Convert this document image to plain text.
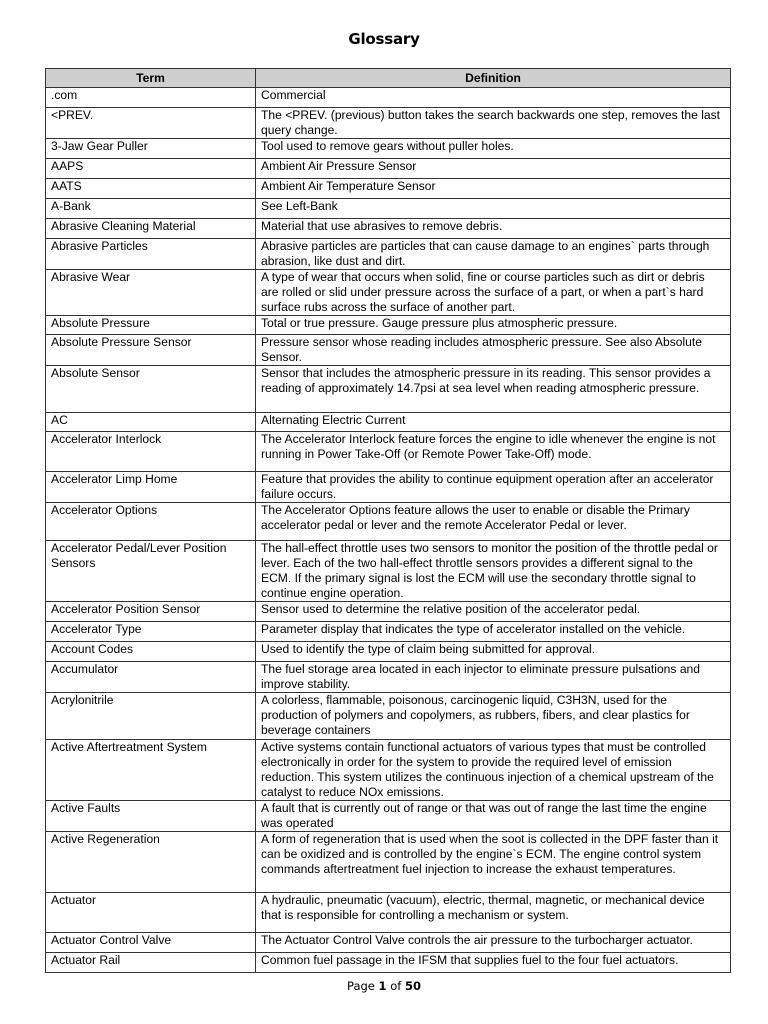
Glossary
Term	Definition
.com	Commercial
<PREV.	The <PREV. (previous) button takes the search backwards one step, removes the last query change.
3-Jaw Gear Puller	Tool used to remove gears without puller holes.
AAPS	Ambient Air Pressure Sensor
AATS	Ambient Air Temperature Sensor
A-Bank	See Left-Bank
Abrasive Cleaning Material	Material that use abrasives to remove debris.
Abrasive Particles	Abrasive particles are particles that can cause damage to an engines` parts through abrasion, like dust and dirt.
Abrasive Wear	A type of wear that occurs when solid, fine or course particles such as dirt or debris are rolled or slid under pressure across the surface of a part, or when a part`s hard surface rubs across the surface of another part.
Absolute Pressure	Total or true pressure. Gauge pressure plus atmospheric pressure.
Absolute Pressure Sensor	Pressure sensor whose reading includes atmospheric pressure. See also Absolute Sensor.
Absolute Sensor	Sensor that includes the atmospheric pressure in its reading. This sensor provides a reading of approximately 14.7psi at sea level when reading atmospheric pressure.
AC	Alternating Electric Current
Accelerator Interlock	The Accelerator Interlock feature forces the engine to idle whenever the engine is not running in Power Take-Off (or Remote Power Take-Off) mode.
Accelerator Limp Home	Feature that provides the ability to continue equipment operation after an accelerator failure occurs.
Accelerator Options	The Accelerator Options feature allows the user to enable or disable the Primary accelerator pedal or lever and the remote Accelerator Pedal or lever.
Accelerator Pedal/Lever Position Sensors	The hall-effect throttle uses two sensors to monitor the position of the throttle pedal or lever. Each of the two hall-effect throttle sensors provides a different signal to the ECM. If the primary signal is lost the ECM will use the secondary throttle signal to continue engine operation.
Accelerator Position Sensor	Sensor used to determine the relative position of the accelerator pedal.
Accelerator Type	Parameter display that indicates the type of accelerator installed on the vehicle.
Account Codes	Used to identify the type of claim being submitted for approval.
Accumulator	The fuel storage area located in each injector to eliminate pressure pulsations and improve stability.
Acrylonitrile	A colorless, flammable, poisonous, carcinogenic liquid, C3H3N, used for the production of polymers and copolymers, as rubbers, fibers, and clear plastics for beverage containers
Active Aftertreatment System	Active systems contain functional actuators of various types that must be controlled electronically in order for the system to provide the required level of emission reduction. This system utilizes the continuous injection of a chemical upstream of the catalyst to reduce NOx emissions.
Active Faults	A fault that is currently out of range or that was out of range the last time the engine was operated
Active Regeneration	A form of regeneration that is used when the soot is collected in the DPF faster than it can be oxidized and is controlled by the engine`s ECM. The engine control system commands aftertreatment fuel injection to increase the exhaust temperatures.
Actuator	A hydraulic, pneumatic (vacuum), electric, thermal, magnetic, or mechanical device that is responsible for controlling a mechanism or system.
Actuator Control Valve	The Actuator Control Valve controls the air pressure to the turbocharger actuator.
Actuator Rail	Common fuel passage in the IFSM that supplies fuel to the four fuel actuators.
Page 1 of 50
